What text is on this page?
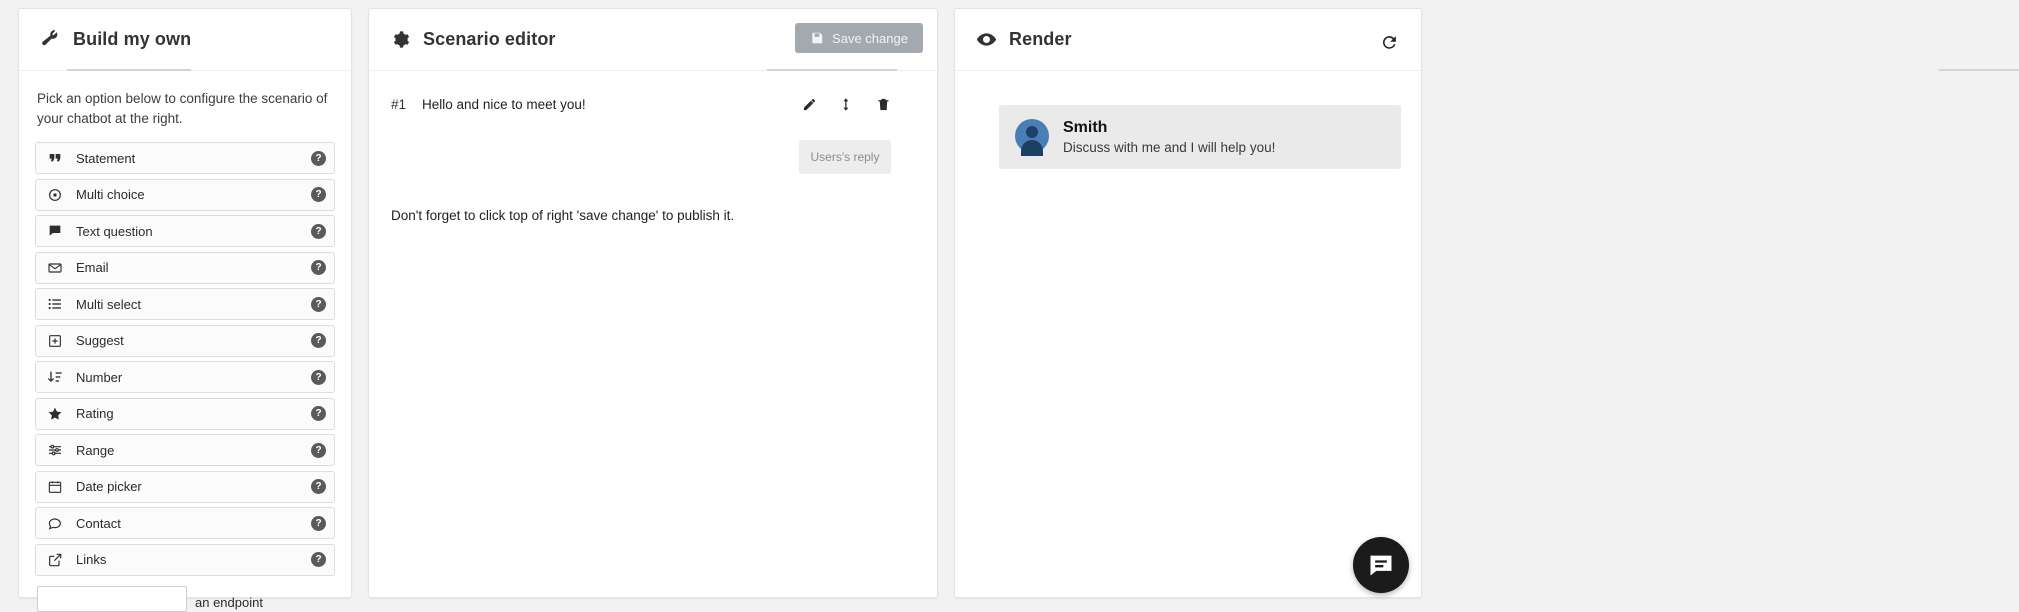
Build my own

Pick an option below to configure the scenario of your chatbot at the right.

Statement	?
Multi choice	?
Text question	?
Email	?
Multi select	?
Suggest	?
Number	?
Rating	?
Range	?
Date picker	?
Contact	?
Links	?
an endpoint
Scenario editor	Save change
#1 Hello and nice to meet you!
Users's reply
Don't forget to click top of right 'save change' to publish it.
Render
Smith
Discuss with me and I will help you!
